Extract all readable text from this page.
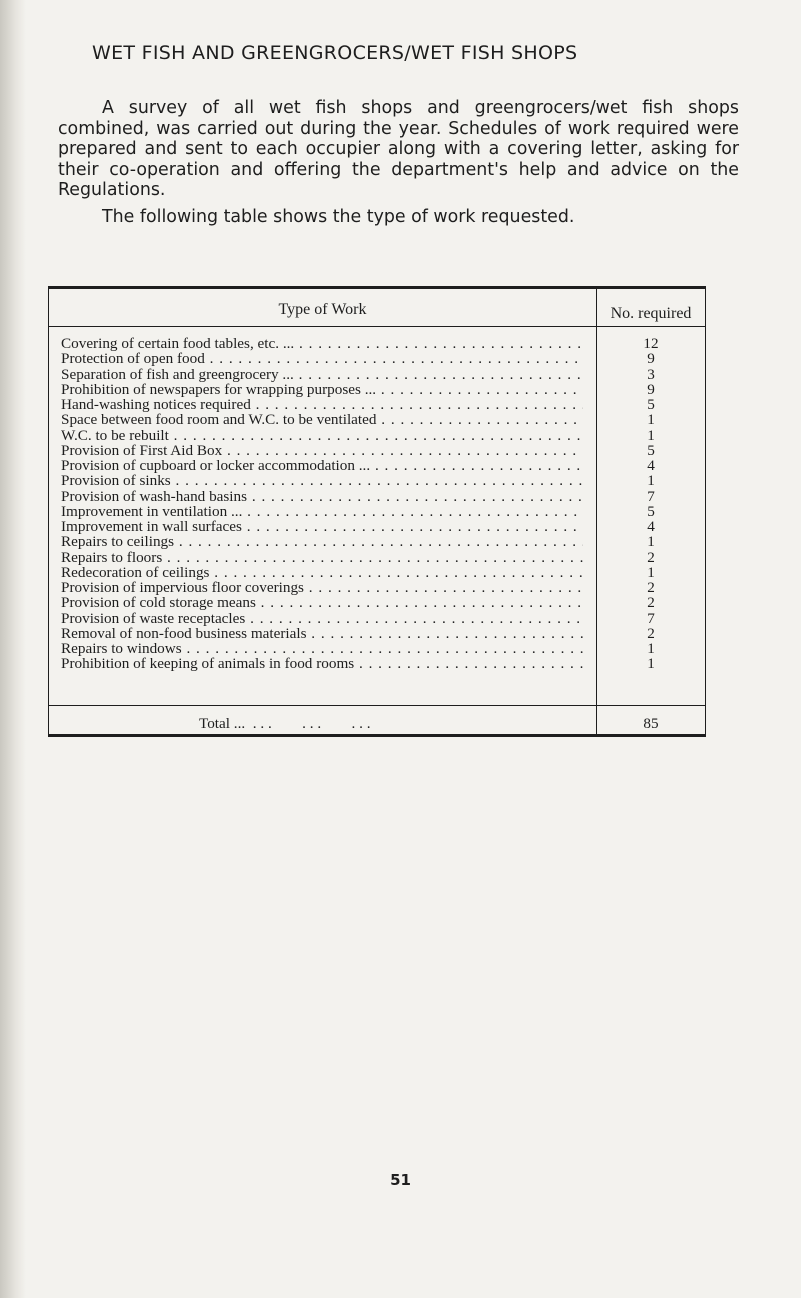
WET FISH AND GREENGROCERS/WET FISH SHOPS

A survey of all wet fish shops and greengrocers/wet fish shops combined, was carried out during the year. Schedules of work required were prepared and sent to each occupier along with a covering letter, asking for their co-operation and offering the department's help and advice on the Regulations.

The following table shows the type of work requested.

Type of Work	No. required
Covering of certain food tables, etc. ... . . .	12
Protection of open food . . .	9
Separation of fish and greengrocery ... . . .	3
Prohibition of newspapers for wrapping purposes ... . . .	9
Hand-washing notices required . . .	5
Space between food room and W.C. to be ventilated . . .	1
W.C. to be rebuilt . . .	1
Provision of First Aid Box . . .	5
Provision of cupboard or locker accommodation ... . . .	4
Provision of sinks . . .	1
Provision of wash-hand basins . . .	7
Improvement in ventilation ... . . .	5
Improvement in wall surfaces . . .	4
Repairs to ceilings . . .	1
Repairs to floors . . .	2
Redecoration of ceilings . . .	1
Provision of impervious floor coverings . . .	2
Provision of cold storage means . . .	2
Provision of waste receptacles . . .	7
Removal of non-food business materials . . .	2
Repairs to windows . . .	1
Prohibition of keeping of animals in food rooms . . .	1
Total ... . . .	85
51
